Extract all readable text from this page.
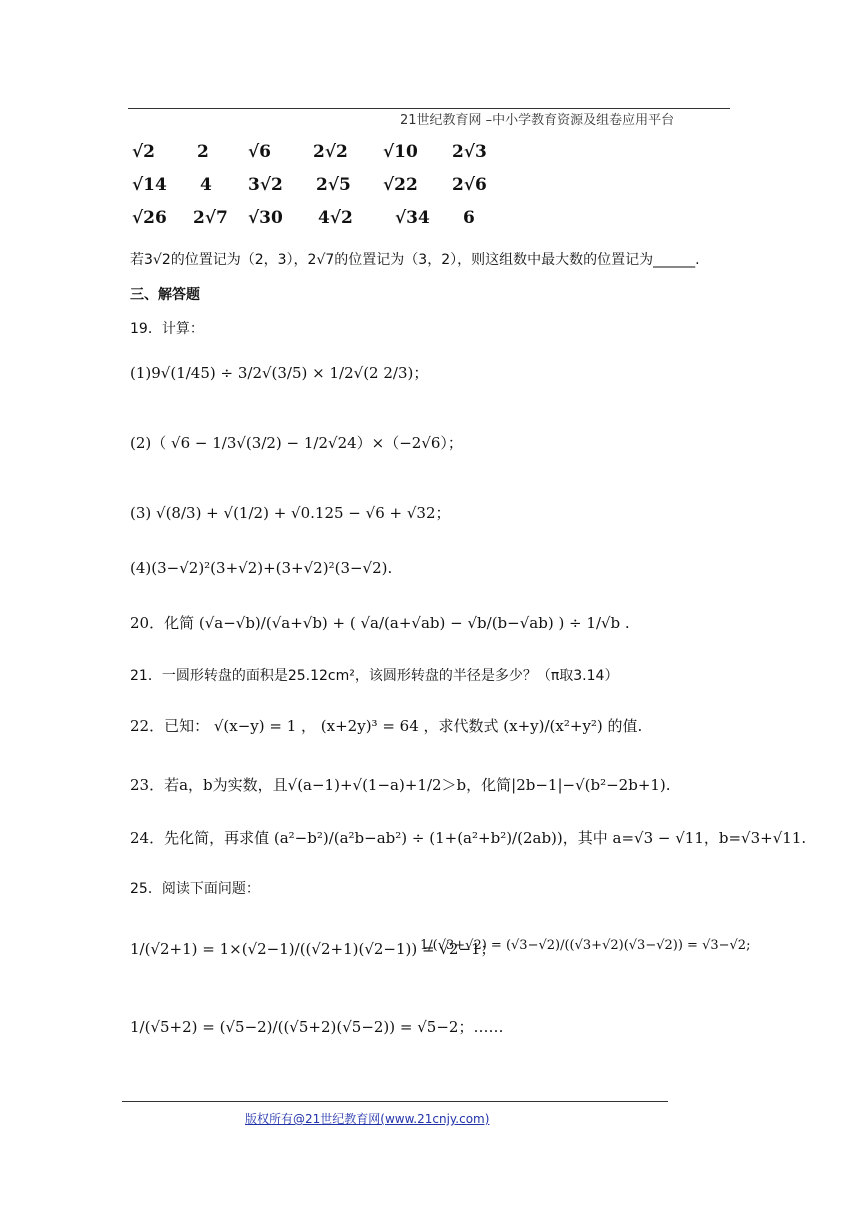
21世纪教育网 –中小学教育资源及组卷应用平台
√2 2 √6 2√2 √10 2√3
√14 4 3√2 2√5 √22 2√6
√26 2√7 √30 4√2 √34 6
若3√2的位置记为（2，3），2√7的位置记为（3，2），则这组数中最大数的位置记为______.
三、解答题
19．计算：
(1)9√(1/45) ÷ 3/2√(3/5) × 1/2√(2 2/3)；
(2)（ √6 − 1/3√(3/2) − 1/2√24）×（−2√6）；
(3) √(8/3) + √(1/2) + √0.125 − √6 + √32；
(4)(3−√2)²(3+√2)+(3+√2)²(3−√2).
20．化简 (√a−√b)/(√a+√b) + ( √a/(a+√ab) − √b/(b−√ab) ) ÷ 1/√b .
21．一圆形转盘的面积是25.12cm²，该圆形转盘的半径是多少？（π取3.14）
22．已知： √(x−y) = 1 ， (x+2y)³ = 64 ，求代数式 (x+y)/(x²+y²) 的值.
23．若a，b为实数，且√(a−1)+√(1−a)+1/2＞b，化简|2b−1|−√(b²−2b+1).
24．先化简，再求值 (a²−b²)/(a²b−ab²) ÷ (1+(a²+b²)/(2ab))，其中 a=√3 − √11，b=√3+√11.
25．阅读下面问题：
1/(√2+1) = 1×(√2−1)/((√2+1)(√2−1)) = √2−1；
1/(√3+√2) = (√3−√2)/((√3+√2)(√3−√2)) = √3−√2;
1/(√5+2) = (√5−2)/((√5+2)(√5−2)) = √5−2；……
版权所有@21世纪教育网(www.21cnjy.com)
